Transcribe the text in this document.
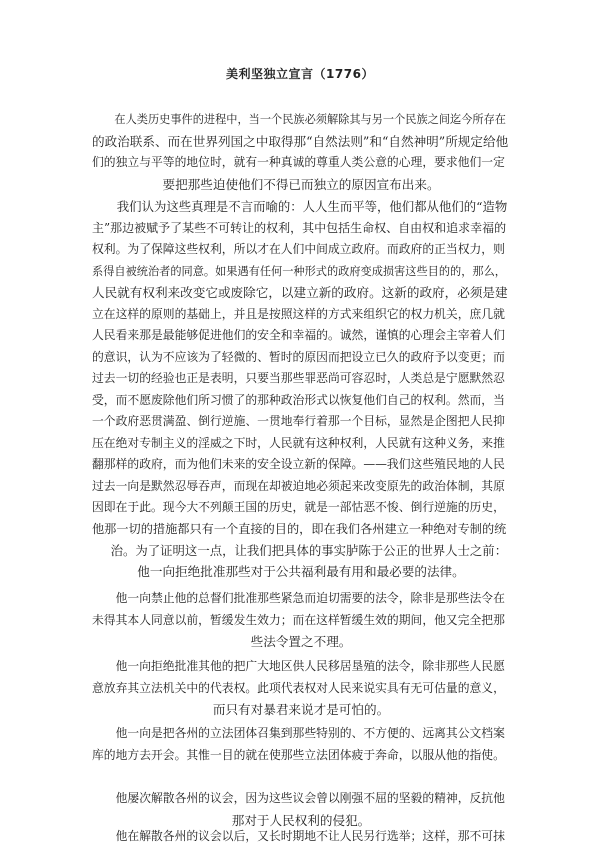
美利坚独立宣言（1776）
在人类历史事件的进程中，当一个民族必须解除其与另一个民族之间迄今所存在
的政治联系、而在世界列国之中取得那“自然法则”和“自然神明”所规定给他
们的独立与平等的地位时，就有一种真诚的尊重人类公意的心理，要求他们一定
要把那些迫使他们不得已而独立的原因宣布出来。
我们认为这些真理是不言而喻的：人人生而平等，他们都从他们的“造物
主”那边被赋予了某些不可转让的权利，其中包括生命权、自由权和追求幸福的
权利。为了保障这些权利，所以才在人们中间成立政府。而政府的正当权力，则
系得自被统治者的同意。如果遇有任何一种形式的政府变成损害这些目的的，那么，
人民就有权利来改变它或废除它，以建立新的政府。这新的政府，必须是建
立在这样的原则的基础上，并且是按照这样的方式来组织它的权力机关，庶几就
人民看来那是最能够促进他们的安全和幸福的。诚然，谨慎的心理会主宰着人们
的意识，认为不应该为了轻微的、暂时的原因而把设立已久的政府予以变更；而
过去一切的经验也正是表明，只要当那些罪恶尚可容忍时，人类总是宁愿默然忍
受，而不愿废除他们所习惯了的那种政治形式以恢复他们自己的权利。然而，当
一个政府恶贯满盈、倒行逆施、一贯地奉行着那一个目标，显然是企图把人民抑
压在绝对专制主义的淫威之下时，人民就有这种权利，人民就有这种义务，来推
翻那样的政府，而为他们未来的安全设立新的保障。——我们这些殖民地的人民
过去一向是默然忍辱吞声，而现在却被迫地必须起来改变原先的政治体制，其原
因即在于此。现今大不列颠王国的历史，就是一部怙恶不悛、倒行逆施的历史，
他那一切的措施都只有一个直接的目的，即在我们各州建立一种绝对专制的统
治。为了证明这一点，让我们把具体的事实胪陈于公正的世界人士之前：
他一向拒绝批准那些对于公共福利最有用和最必要的法律。
他一向禁止他的总督们批准那些紧急而迫切需要的法令，除非是那些法令在
未得其本人同意以前，暂缓发生效力；而在这样暂缓生效的期间，他又完全把那
些法令置之不理。
他一向拒绝批准其他的把广大地区供人民移居垦殖的法令，除非那些人民愿
意放弃其立法机关中的代表权。此项代表权对人民来说实具有无可估量的意义，
而只有对暴君来说才是可怕的。
他一向是把各州的立法团体召集到那些特别的、不方便的、远离其公文档案
库的地方去开会。其惟一目的就在使那些立法团体疲于奔命，以服从他的指使。
他屡次解散各州的议会，因为这些议会曾以刚强不屈的坚毅的精神，反抗他
那对于人民权利的侵犯。
他在解散各州的议会以后，又长时期地不让人民另行选举；这样，那不可抹
